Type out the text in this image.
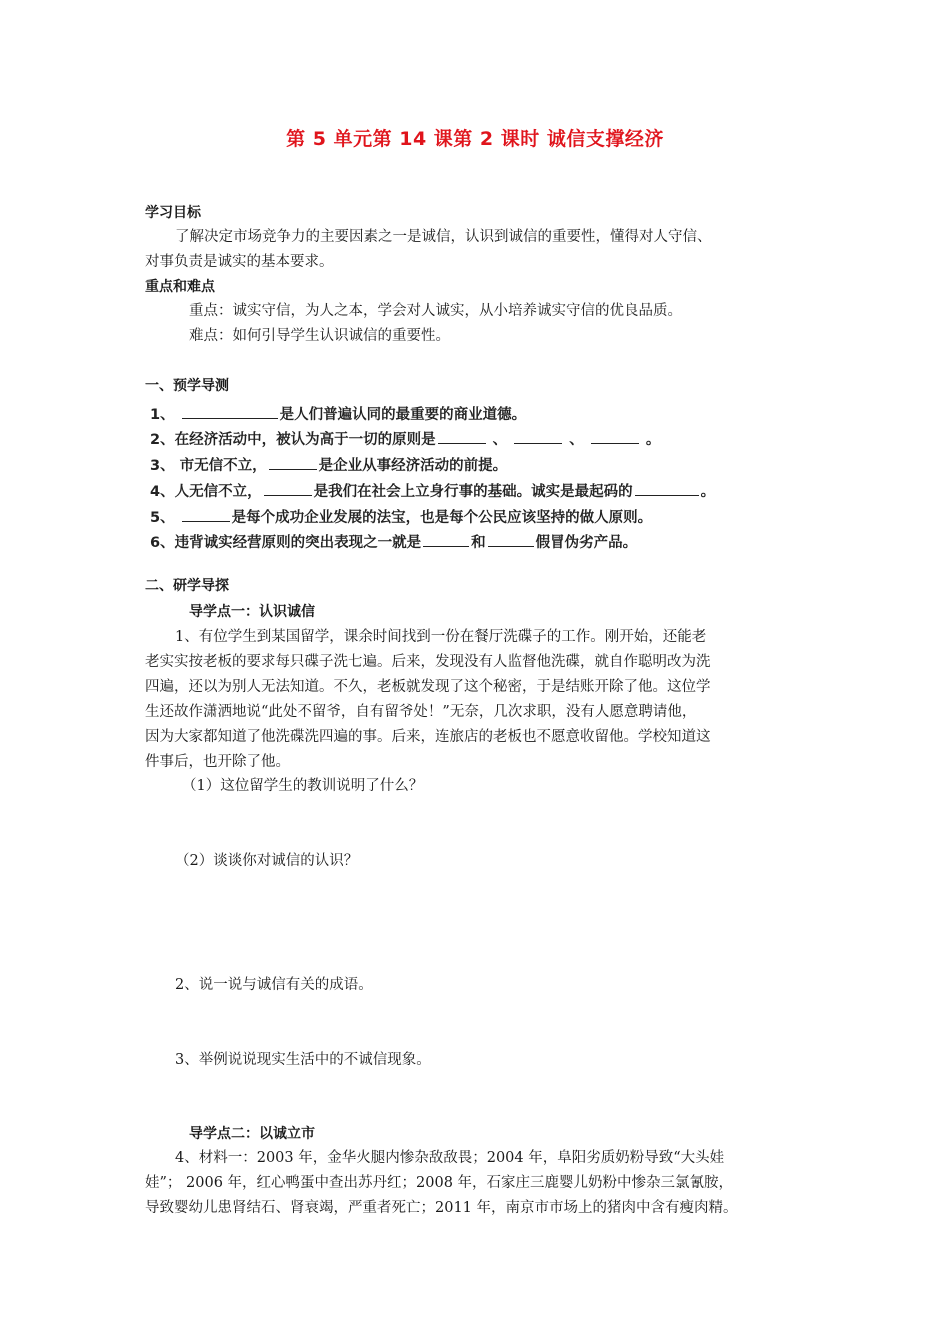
第 5 单元第 14 课第 2 课时 诚信支撑经济
学习目标
了解决定市场竞争力的主要因素之一是诚信，认识到诚信的重要性，懂得对人守信、
对事负责是诚实的基本要求。
重点和难点
重点：诚实守信，为人之本，学会对人诚实，从小培养诚实守信的优良品质。
难点：如何引导学生认识诚信的重要性。
一、预学导测
1、	是人们普遍认同的最重要的商业道德。
2、在经济活动中，被认为高于一切的原则是	、	、	。
3、 市无信不立，	是企业从事经济活动的前提。
4、人无信不立，	是我们在社会上立身行事的基础。诚实是最起码的	。
5、	是每个成功企业发展的法宝，也是每个公民应该坚持的做人原则。
6、违背诚实经营原则的突出表现之一就是	和	假冒伪劣产品。
二、研学导探
导学点一：认识诚信
1、有位学生到某国留学，课余时间找到一份在餐厅洗碟子的工作。刚开始，还能老
老实实按老板的要求每只碟子洗七遍。后来，发现没有人监督他洗碟，就自作聪明改为洗
四遍，还以为别人无法知道。不久，老板就发现了这个秘密，于是结账开除了他。这位学
生还故作潇洒地说“此处不留爷，自有留爷处！”无奈，几次求职，没有人愿意聘请他，
因为大家都知道了他洗碟洗四遍的事。后来，连旅店的老板也不愿意收留他。学校知道这
件事后，也开除了他。
（1）这位留学生的教训说明了什么？
（2）谈谈你对诚信的认识？
2、说一说与诚信有关的成语。
3、举例说说现实生活中的不诚信现象。
导学点二：以诚立市
4、材料一：2003 年，金华火腿内惨杂敌敌畏；2004 年，阜阳劣质奶粉导致“大头娃
娃”； 2006 年，红心鸭蛋中查出苏丹红；2008 年，石家庄三鹿婴儿奶粉中惨杂三氯氰胺，
导致婴幼儿患肾结石、肾衰竭，严重者死亡；2011 年，南京市市场上的猪肉中含有瘦肉精。
